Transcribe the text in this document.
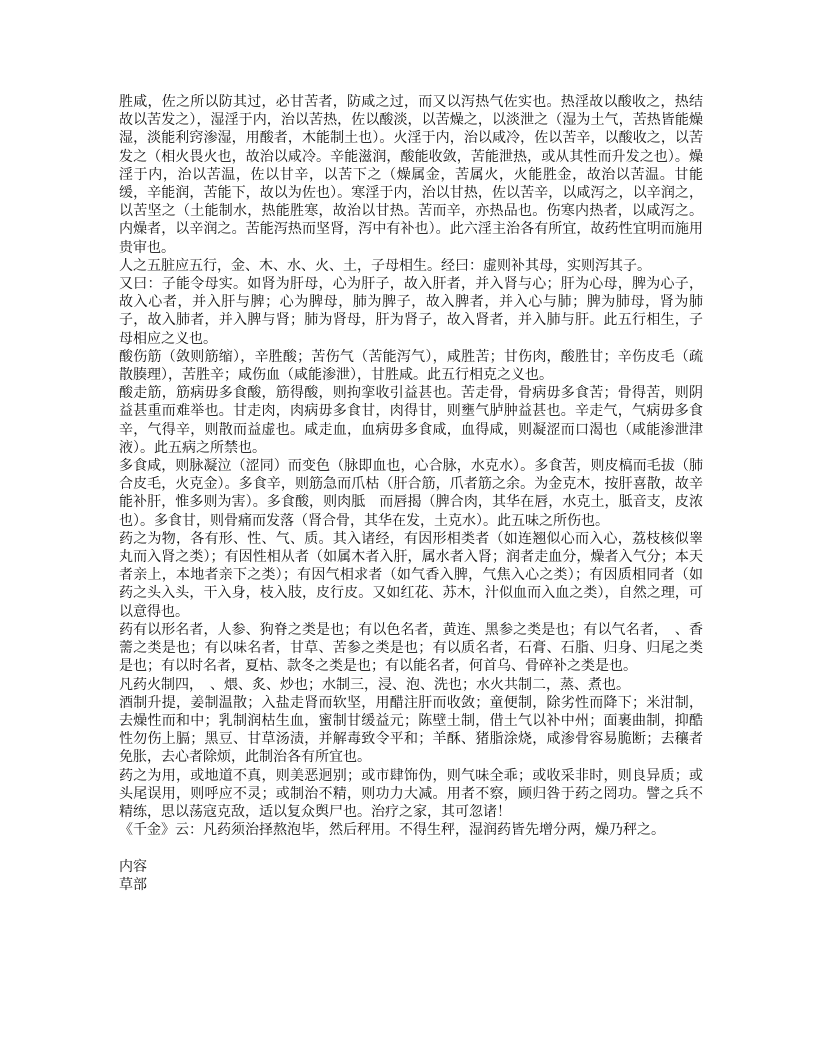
胜咸，佐之所以防其过，必甘苦者，防咸之过，而又以泻热气佐实也。热淫故以酸收之，热结故以苦发之），湿淫于内，治以苦热，佐以酸淡，以苦燥之，以淡泄之（湿为土气，苦热皆能燥湿，淡能利窍渗湿，用酸者，木能制土也）。火淫于内，治以咸冷，佐以苦辛，以酸收之，以苦发之（相火畏火也，故治以咸冷。辛能滋润，酸能收敛，苦能泄热，或从其性而升发之也）。燥淫于内，治以苦温，佐以甘辛，以苦下之（燥属金，苦属火，火能胜金，故治以苦温。甘能缓，辛能润，苦能下，故以为佐也）。寒淫于内，治以甘热，佐以苦辛，以咸泻之，以辛润之，以苦坚之（土能制水，热能胜寒，故治以甘热。苦而辛，亦热品也。伤寒内热者，以咸泻之。内燥者，以辛润之。苦能泻热而坚肾，泻中有补也）。此六淫主治各有所宜，故药性宜明而施用贵审也。

人之五脏应五行，金、木、水、火、土，子母相生。经曰：虚则补其母，实则泻其子。

又曰：子能令母实。如肾为肝母，心为肝子，故入肝者，并入肾与心；肝为心母，脾为心子，故入心者，并入肝与脾；心为脾母，肺为脾子，故入脾者，并入心与肺；脾为肺母，肾为肺子，故入肺者，并入脾与肾；肺为肾母，肝为肾子，故入肾者，并入肺与肝。此五行相生，子母相应之义也。

酸伤筋（敛则筋缩），辛胜酸；苦伤气（苦能泻气），咸胜苦；甘伤肉，酸胜甘；辛伤皮毛（疏散腠理），苦胜辛；咸伤血（咸能渗泄），甘胜咸。此五行相克之义也。

酸走筋，筋病毋多食酸，筋得酸，则拘挛收引益甚也。苦走骨，骨病毋多食苦；骨得苦，则阴益甚重而难举也。甘走肉，肉病毋多食甘，肉得甘，则壅气胪肿益甚也。辛走气，气病毋多食辛，气得辛，则散而益虚也。咸走血，血病毋多食咸，血得咸，则凝涩而口渴也（咸能渗泄津液）。此五病之所禁也。

多食咸，则脉凝泣（涩同）而变色（脉即血也，心合脉，水克水）。多食苦，则皮槁而毛拔（肺合皮毛，火克金）。多食辛，则筋急而爪枯（肝合筋，爪者筋之余。为金克木，按肝喜散，故辛能补肝，惟多则为害）。多食酸，则肉胝　而唇揭（脾合肉，其华在唇，水克土，胝音支，皮浓也）。多食甘，则骨痛而发落（肾合骨，其华在发，土克水）。此五味之所伤也。

药之为物，各有形、性、气、质。其入诸经，有因形相类者（如连翘似心而入心，荔枝核似睾丸而入肾之类）；有因性相从者（如属木者入肝，属水者入肾；润者走血分，燥者入气分；本天者亲上，本地者亲下之类）；有因气相求者（如气香入脾，气焦入心之类）；有因质相同者（如药之头入头，干入身，枝入肢，皮行皮。又如红花、苏木，汁似血而入血之类），自然之理，可以意得也。

药有以形名者，人参、狗脊之类是也；有以色名者，黄连、黑参之类是也；有以气名者，　、香薷之类是也；有以味名者，甘草、苦参之类是也；有以质名者，石膏、石脂、归身、归尾之类是也；有以时名者，夏枯、款冬之类是也；有以能名者，何首乌、骨碎补之类是也。

凡药火制四，　、煨、炙、炒也；水制三，浸、泡、洗也；水火共制二，蒸、煮也。

酒制升提，姜制温散；入盐走肾而软坚，用醋注肝而收敛；童便制，除劣性而降下；米泔制，去燥性而和中；乳制润枯生血，蜜制甘缓益元；陈壁土制，借土气以补中州；面裹曲制，抑酷性勿伤上膈；黑豆、甘草汤渍，并解毒致令平和；羊酥、猪脂涂烧，咸渗骨容易脆断；去穰者免胀，去心者除烦，此制治各有所宜也。

药之为用，或地道不真，则美恶迥别；或市肆饰伪，则气味全乖；或收采非时，则良异质；或头尾误用，则呼应不灵；或制治不精，则功力大减。用者不察，顾归咎于药之罔功。譬之兵不精练，思以荡寇克敌，适以复众舆尸也。治疗之家，其可忽诸！

《千金》云：凡药须治择熬泡毕，然后秤用。不得生秤，湿润药皆先增分两，燥乃秤之。

内容
草部
